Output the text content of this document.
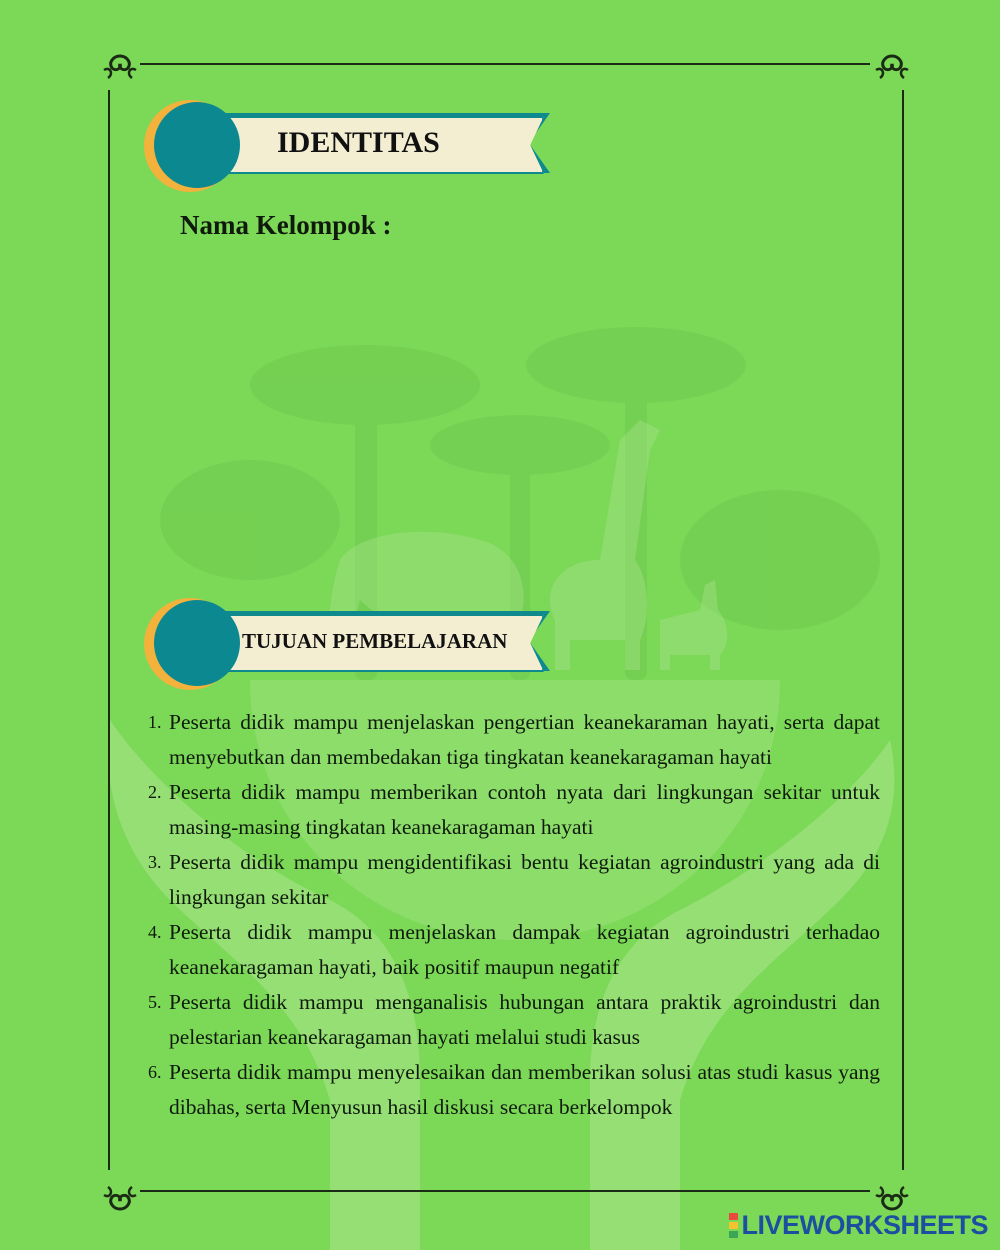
IDENTITAS
Nama Kelompok :
TUJUAN PEMBELAJARAN
1. Peserta didik mampu menjelaskan pengertian keanekaraman hayati, serta dapat menyebutkan dan membedakan tiga tingkatan keanekaragaman hayati
2. Peserta didik mampu memberikan contoh nyata dari lingkungan sekitar untuk masing-masing tingkatan keanekaragaman hayati
3. Peserta didik mampu mengidentifikasi bentu kegiatan agroindustri yang ada di lingkungan sekitar
4. Peserta didik mampu menjelaskan dampak kegiatan agroindustri terhadao keanekaragaman hayati, baik positif maupun negatif
5. Peserta didik mampu menganalisis hubungan antara praktik agroindustri dan pelestarian keanekaragaman hayati melalui studi kasus
6. Peserta didik mampu menyelesaikan dan memberikan solusi atas studi kasus yang dibahas, serta Menyusun hasil diskusi secara berkelompok
LIVEWORKSHEETS
